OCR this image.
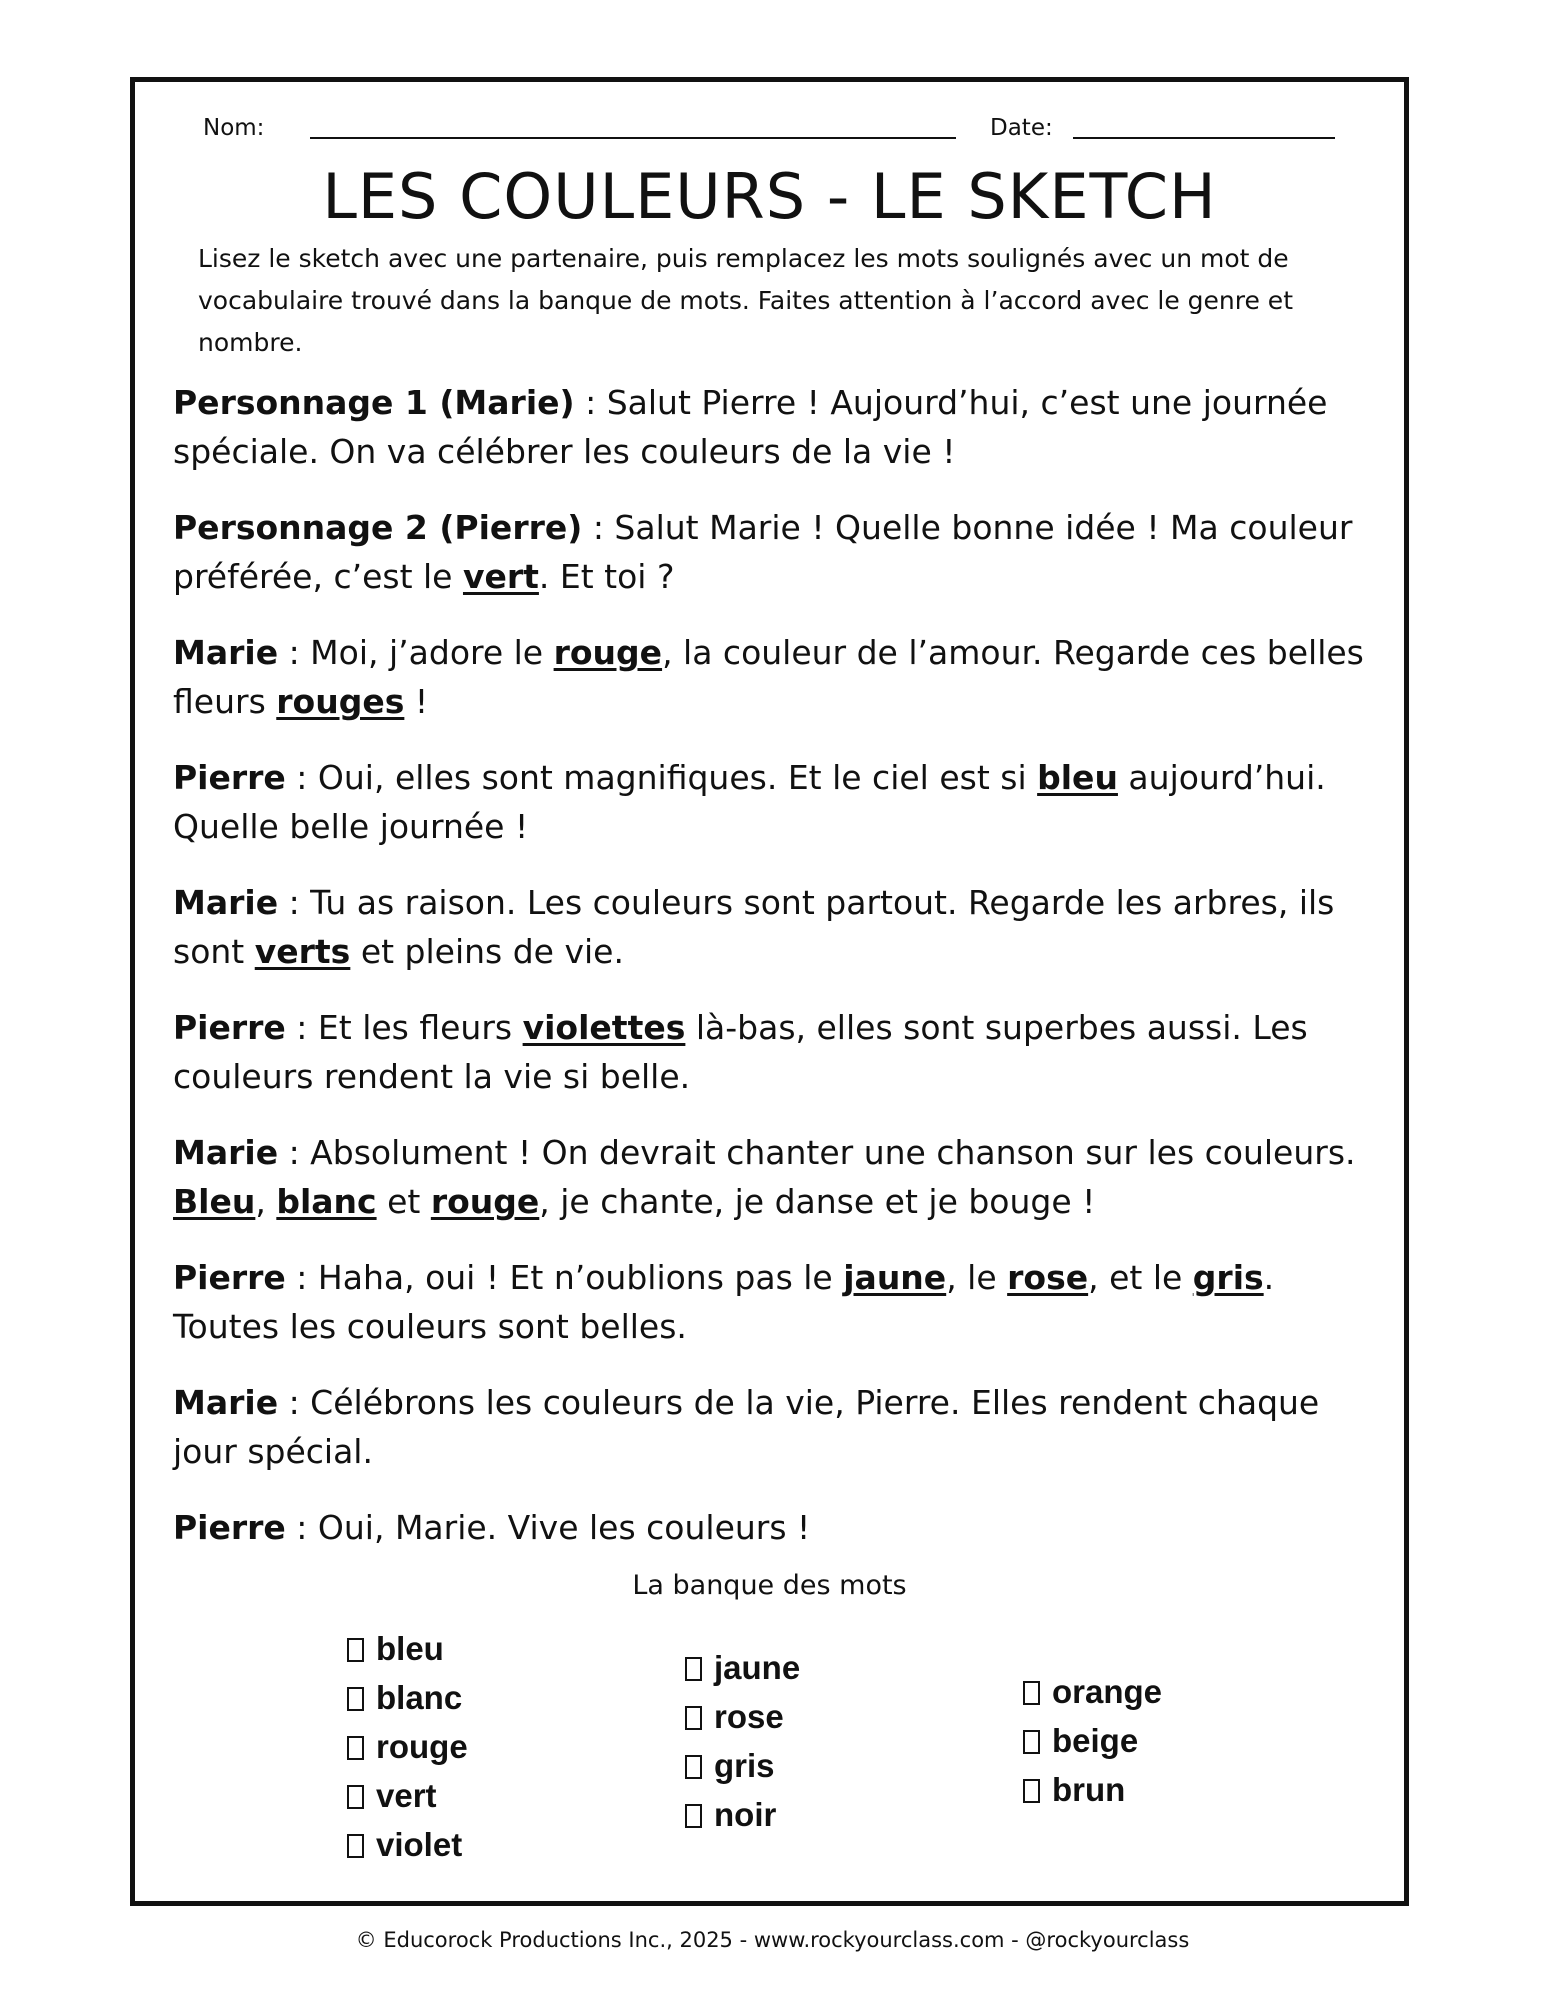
Nom:	Date:
LES COULEURS - LE SKETCH

Lisez le sketch avec une partenaire, puis remplacez les mots soulignés avec un mot de vocabulaire trouvé dans la banque de mots. Faites attention à l’accord avec le genre et nombre.

Personnage 1 (Marie) : Salut Pierre ! Aujourd’hui, c’est une journée spéciale. On va célébrer les couleurs de la vie !

Personnage 2 (Pierre) : Salut Marie ! Quelle bonne idée ! Ma couleur préférée, c’est le vert. Et toi ?

Marie : Moi, j’adore le rouge, la couleur de l’amour. Regarde ces belles fleurs rouges !

Pierre : Oui, elles sont magnifiques. Et le ciel est si bleu aujourd’hui. Quelle belle journée !

Marie : Tu as raison. Les couleurs sont partout. Regarde les arbres, ils sont verts et pleins de vie.

Pierre : Et les fleurs violettes là-bas, elles sont superbes aussi. Les couleurs rendent la vie si belle.

Marie : Absolument ! On devrait chanter une chanson sur les couleurs. Bleu, blanc et rouge, je chante, je danse et je bouge !

Pierre : Haha, oui ! Et n’oublions pas le jaune, le rose, et le gris. Toutes les couleurs sont belles.

Marie : Célébrons les couleurs de la vie, Pierre. Elles rendent chaque jour spécial.

Pierre : Oui, Marie. Vive les couleurs !

La banque des mots

bleu
blanc
rouge
vert
violet
jaune
rose
gris
noir
orange
beige
brun

© Educorock Productions Inc., 2025 - www.rockyourclass.com - @rockyourclass
